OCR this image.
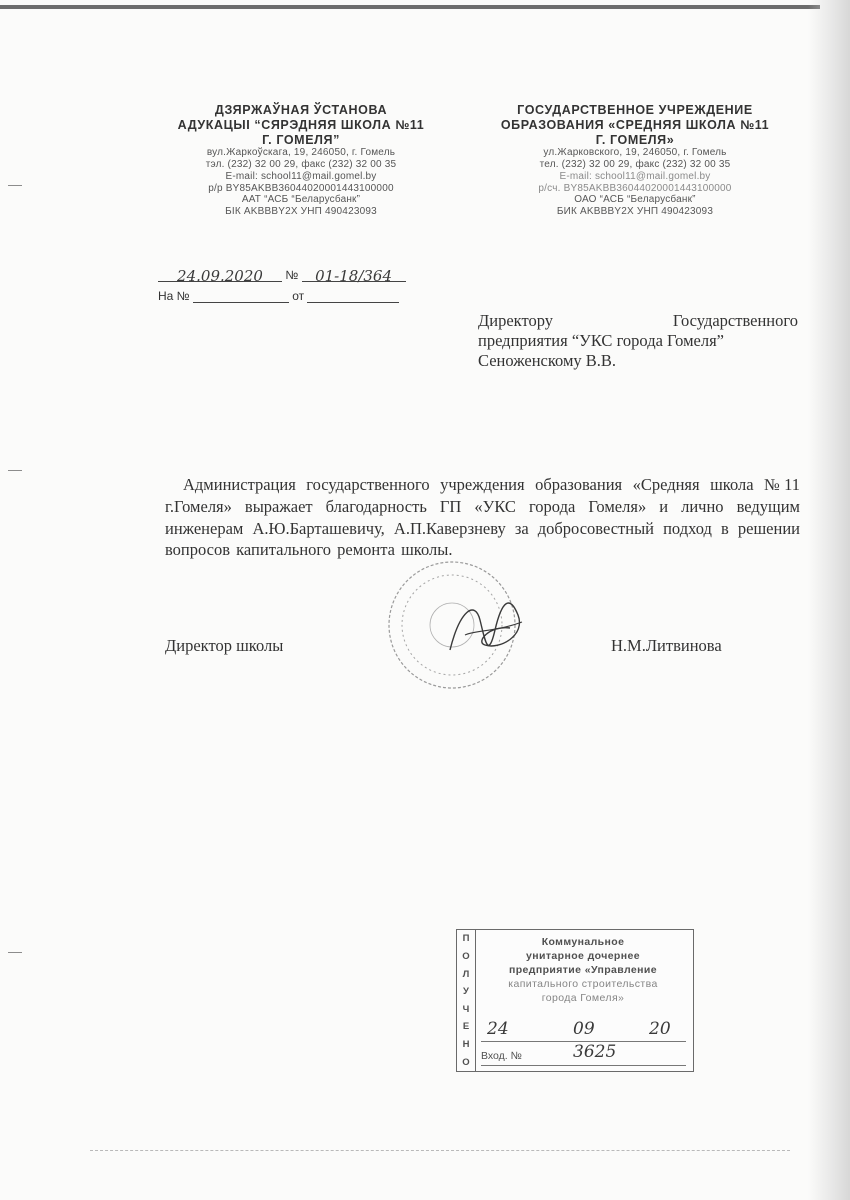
ДЗЯРЖАЎНАЯ ЎСТАНОВА
АДУКАЦЫІ “СЯРЭДНЯЯ ШКОЛА №11
Г. ГОМЕЛЯ”
вул.Жаркоўскага, 19, 246050, г. Гомель
тэл. (232) 32 00 29, факс (232) 32 00 35
E-mail: school11@mail.gomel.by
р/р BY85AKBB36044020001443100000
ААТ “АСБ “Беларусбанк”
БІК AKBBBY2X УНП 490423093
ГОСУДАРСТВЕННОЕ УЧРЕЖДЕНИЕ
ОБРАЗОВАНИЯ «СРЕДНЯЯ ШКОЛА №11
Г. ГОМЕЛЯ»
ул.Жарковского, 19, 246050, г. Гомель
тел. (232) 32 00 29, факс (232) 32 00 35
E-mail: school11@mail.gomel.by
р/сч. BY85AKBB36044020001443100000
ОАО “АСБ “Беларусбанк”
БИК AKBBBY2X УНП 490423093
24.09.2020 № 01-18/364
На №	от
Директору	Государственного
предприятия “УКС города Гомеля”
Сеноженскому В.В.
Администрация государственного учреждения образования «Средняя школа №11 г.Гомеля» выражает благодарность ГП «УКС города Гомеля» и лично ведущим инженерам А.Ю.Барташевичу, А.П.Каверзневу за добросовестный подход в решении вопросов капитального ремонта школы.
Директор школы	Н.М.Литвинова
П
О
Л
У
Ч
Е
Н
О
Коммунальное
унитарное дочернее
предприятие «Управление
капитального строительства
города Гомеля»
24	09	20
Вход. №	3625
